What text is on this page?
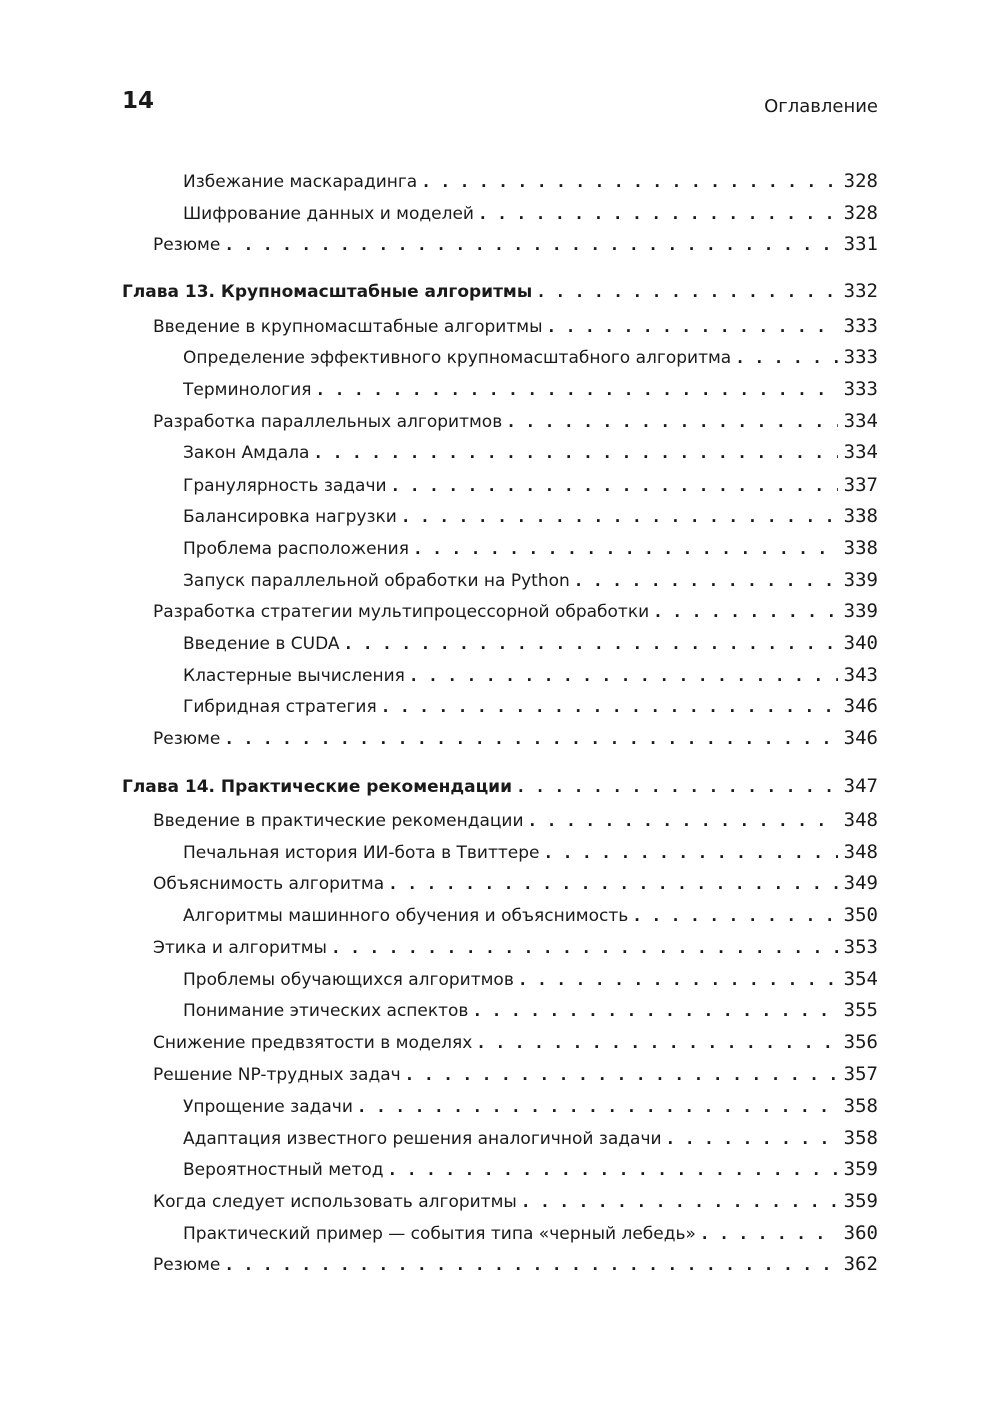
14	Оглавление
Избежание маскарадинга . . .	328
Шифрование данных и моделей . . .	328
Резюме . . .	331
Глава 13. Крупномасштабные алгоритмы . . .	332
Введение в крупномасштабные алгоритмы . . .	333
Определение эффективного крупномасштабного алгоритма . . .	333
Терминология . . .	333
Разработка параллельных алгоритмов . . .	334
Закон Амдала . . .	334
Гранулярность задачи . . .	337
Балансировка нагрузки . . .	338
Проблема расположения . . .	338
Запуск параллельной обработки на Python . . .	339
Разработка стратегии мультипроцессорной обработки . . .	339
Введение в CUDA . . .	340
Кластерные вычисления . . .	343
Гибридная стратегия . . .	346
Резюме . . .	346
Глава 14. Практические рекомендации . . .	347
Введение в практические рекомендации . . .	348
Печальная история ИИ-бота в Твиттере . . .	348
Объяснимость алгоритма . . .	349
Алгоритмы машинного обучения и объяснимость . . .	350
Этика и алгоритмы . . .	353
Проблемы обучающихся алгоритмов . . .	354
Понимание этических аспектов . . .	355
Снижение предвзятости в моделях . . .	356
Решение NP-трудных задач . . .	357
Упрощение задачи . . .	358
Адаптация известного решения аналогичной задачи . . .	358
Вероятностный метод . . .	359
Когда следует использовать алгоритмы . . .	359
Практический пример — события типа «черный лебедь» . . .	360
Резюме . . .	362
